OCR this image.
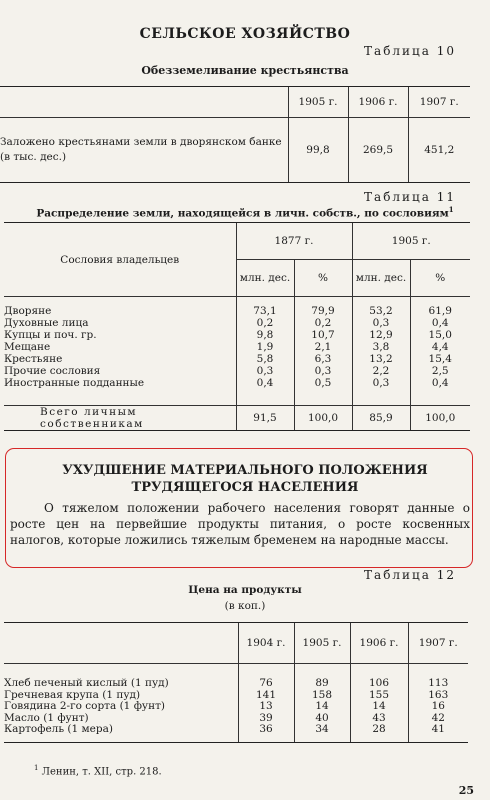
СЕЛЬСКОЕ ХОЗЯЙСТВО
Таблица 10
Обезземеливание крестьянства
	1905 г.	1906 г.	1907 г.
Заложено крестьянами земли в дворянском банке (в тыс. дес.)	99,8	269,5	451,2
Таблица 11
Распределение земли, находящейся в личн. собств., по сословиям$^1$
Сословия владельцев	1877 г.		1905 г.	
	млн. дес.	%	млн. дес.	%
Дворяне	73,1	79,9	53,2	61,9
Духовные лица	0,2	0,2	0,3	0,4
Купцы и поч. гр.	9,8	10,7	12,9	15,0
Мещане	1,9	2,1	3,8	4,4
Крестьяне	5,8	6,3	13,2	15,4
Прочие сословия	0,3	0,3	2,2	2,5
Иностранные подданные	0,4	0,5	0,3	0,4

Всего личным собственникам	91,5	100,0	85,9	100,0
УХУДШЕНИЕ МАТЕРИАЛЬНОГО ПОЛОЖЕНИЯ ТРУДЯЩЕГОСЯ НАСЕЛЕНИЯ
О тяжелом положении рабочего населения говорят данные о росте цен на первейшие продукты питания, о росте косвенных налогов, которые ложились тяжелым бременем на народные массы.
Таблица 12
Цена на продукты
(в коп.)
	1904 г.	1905 г.	1906 г.	1907 г.
Хлеб печеный кислый (1 пуд)	76	89	106	113
Гречневая крупа (1 пуд)	141	158	155	163
Говядина 2-го сорта (1 фунт)	13	14	14	16
Масло (1 фунт)	39	40	43	42
Картофель (1 мера)	36	34	28	41
$^1$ Ленин, т. XII, стр. 218.
25
